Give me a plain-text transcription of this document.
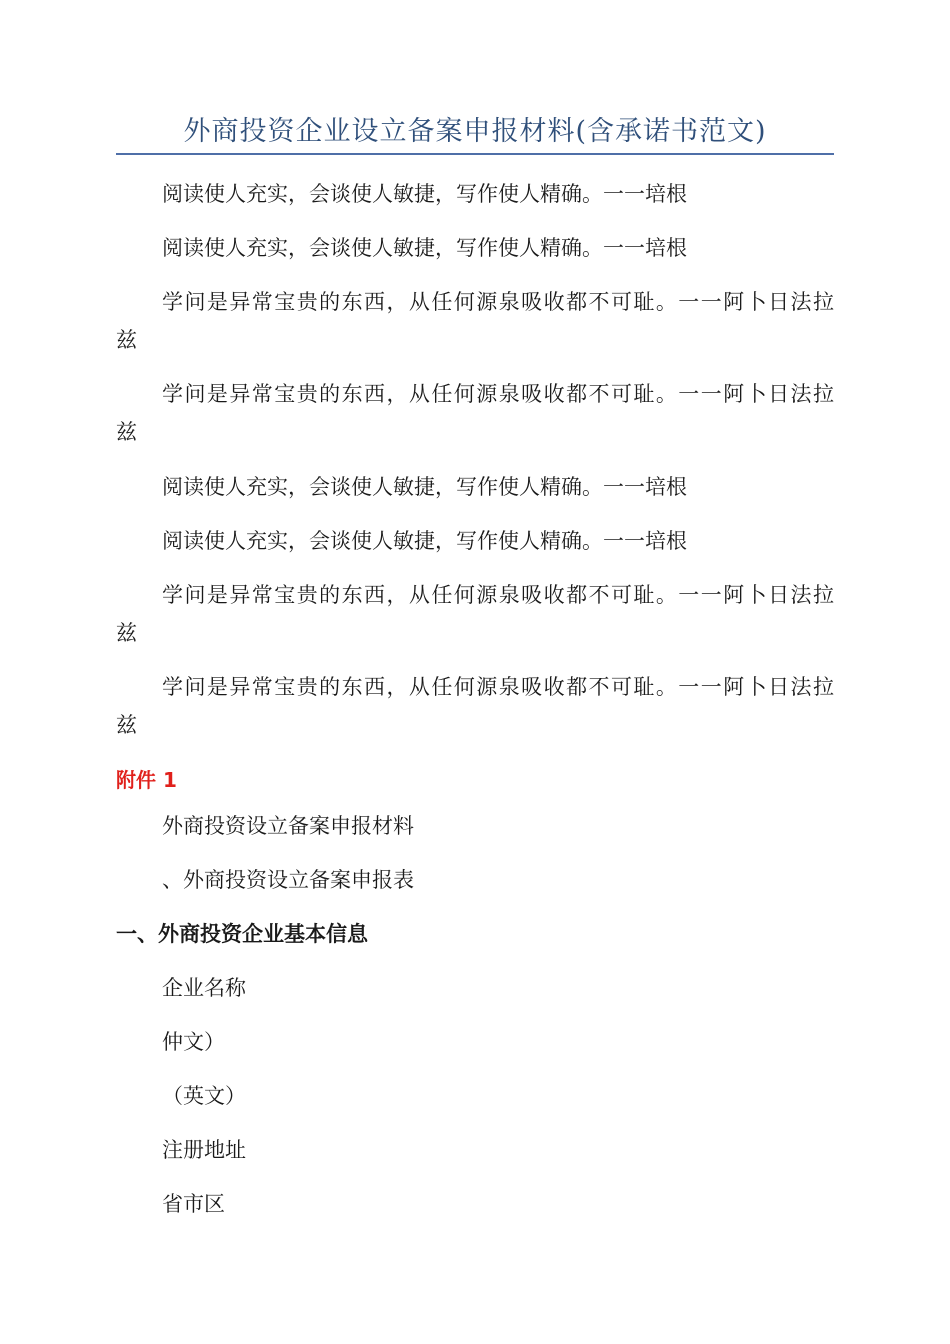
外商投资企业设立备案申报材料(含承诺书范文)
阅读使人充实，会谈使人敏捷，写作使人精确。一一培根
阅读使人充实，会谈使人敏捷，写作使人精确。一一培根
学问是异常宝贵的东西，从任何源泉吸收都不可耻。一一阿卜日法拉
兹
学问是异常宝贵的东西，从任何源泉吸收都不可耻。一一阿卜日法拉
兹
阅读使人充实，会谈使人敏捷，写作使人精确。一一培根
阅读使人充实，会谈使人敏捷，写作使人精确。一一培根
学问是异常宝贵的东西，从任何源泉吸收都不可耻。一一阿卜日法拉
兹
学问是异常宝贵的东西，从任何源泉吸收都不可耻。一一阿卜日法拉
兹
附件 1
外商投资设立备案申报材料
、外商投资设立备案申报表
一、外商投资企业基本信息
企业名称
仲文）
（英文）
注册地址
省市区
